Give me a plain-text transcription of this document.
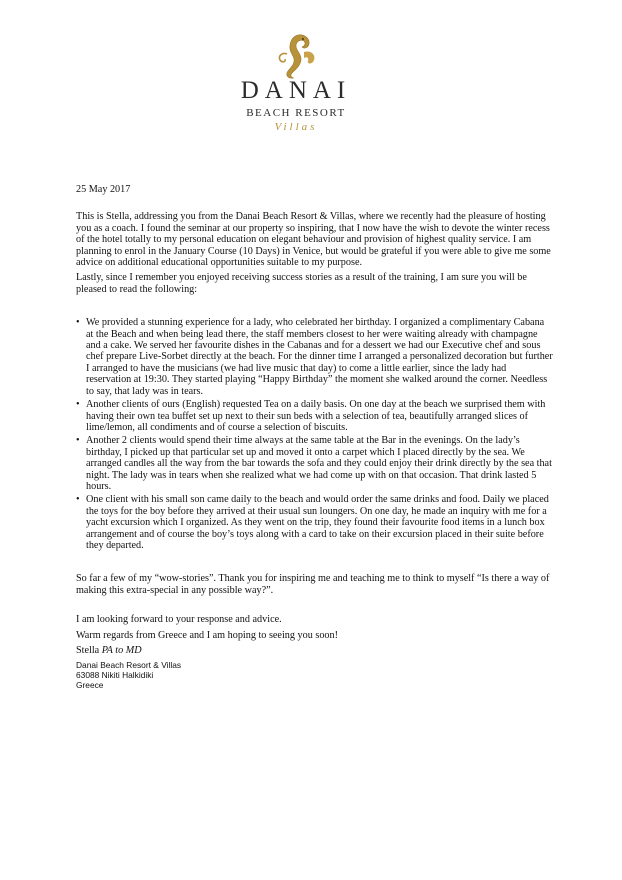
DANAI
BEACH RESORT
Villas
25 May 2017

This is Stella, addressing you from the Danai Beach Resort & Villas, where we recently had the pleasure of hosting you as a coach. I found the seminar at our property so inspiring, that I now have the wish to devote the winter recess of the hotel totally to my personal education on elegant behaviour and provision of highest quality service. I am planning to enrol in the January Course (10 Days) in Venice, but would be grateful if you were able to give me some advice on additional educational opportunities suitable to my purpose.

Lastly, since I remember you enjoyed receiving success stories as a result of the training, I am sure you will be pleased to read the following:

• We provided a stunning experience for a lady, who celebrated her birthday. I organized a complimentary Cabana at the Beach and when being lead there, the staff members closest to her were waiting already with champagne and a cake. We served her favourite dishes in the Cabanas and for a dessert we had our Executive chef and sous chef prepare Live-Sorbet directly at the beach. For the dinner time I arranged a personalized decoration but further I arranged to have the musicians (we had live music that day) to come a little earlier, since the lady had reservation at 19:30. They started playing “Happy Birthday” the moment she walked around the corner. Needless to say, that lady was in tears.
• Another clients of ours (English) requested Tea on a daily basis. On one day at the beach we surprised them with having their own tea buffet set up next to their sun beds with a selection of tea, beautifully arranged slices of lime/lemon, all condiments and of course a selection of biscuits.
• Another 2 clients would spend their time always at the same table at the Bar in the evenings. On the lady’s birthday, I picked up that particular set up and moved it onto a carpet which I placed directly by the sea. We arranged candles all the way from the bar towards the sofa and they could enjoy their drink directly by the sea that night. The lady was in tears when she realized what we had come up with on that occasion. That drink lasted 5 hours.
• One client with his small son came daily to the beach and would order the same drinks and food. Daily we placed the toys for the boy before they arrived at their usual sun loungers. On one day, he made an inquiry with me for a yacht excursion which I organized. As they went on the trip, they found their favourite food items in a lunch box arrangement and of course the boy’s toys along with a card to take on their excursion placed in their suite before they departed.

So far a few of my “wow-stories”. Thank you for inspiring me and teaching me to think to myself “Is there a way of making this extra-special in any possible way?”.

I am looking forward to your response and advice.

Warm regards from Greece and I am hoping to seeing you soon!

Stella PA to MD
Danai Beach Resort & Villas
63088 Nikiti Halkidiki
Greece
